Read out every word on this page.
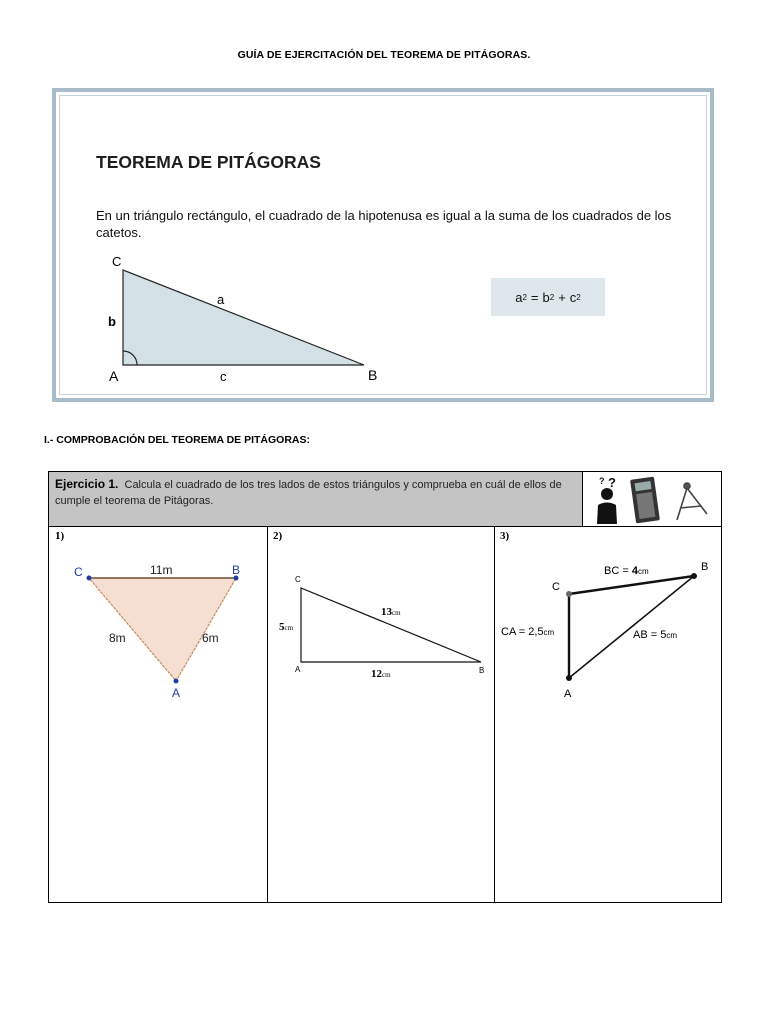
GUÍA DE EJERCITACIÓN DEL TEOREMA DE PITÁGORAS.
TEOREMA DE PITÁGORAS
En un triángulo rectángulo, el cuadrado de la hipotenusa es igual a la suma de los cuadrados de los catetos.
a 2 = b 2 + c 2
C
A	B
a
b
c
I.- COMPROBACIÓN DEL TEOREMA DE PITÁGORAS:
Ejercicio 1. Calcula el cuadrado de los tres lados de estos triángulos y comprueba en cuál de ellos de cumple el teorema de Pitágoras.
?
?
1)	2)	3)
C	B
A
11m
8m	6m
C
A	B
5cm
13cm
12cm
C
B
A
BC = 4cm
CA = 2,5cm	AB = 5cm
